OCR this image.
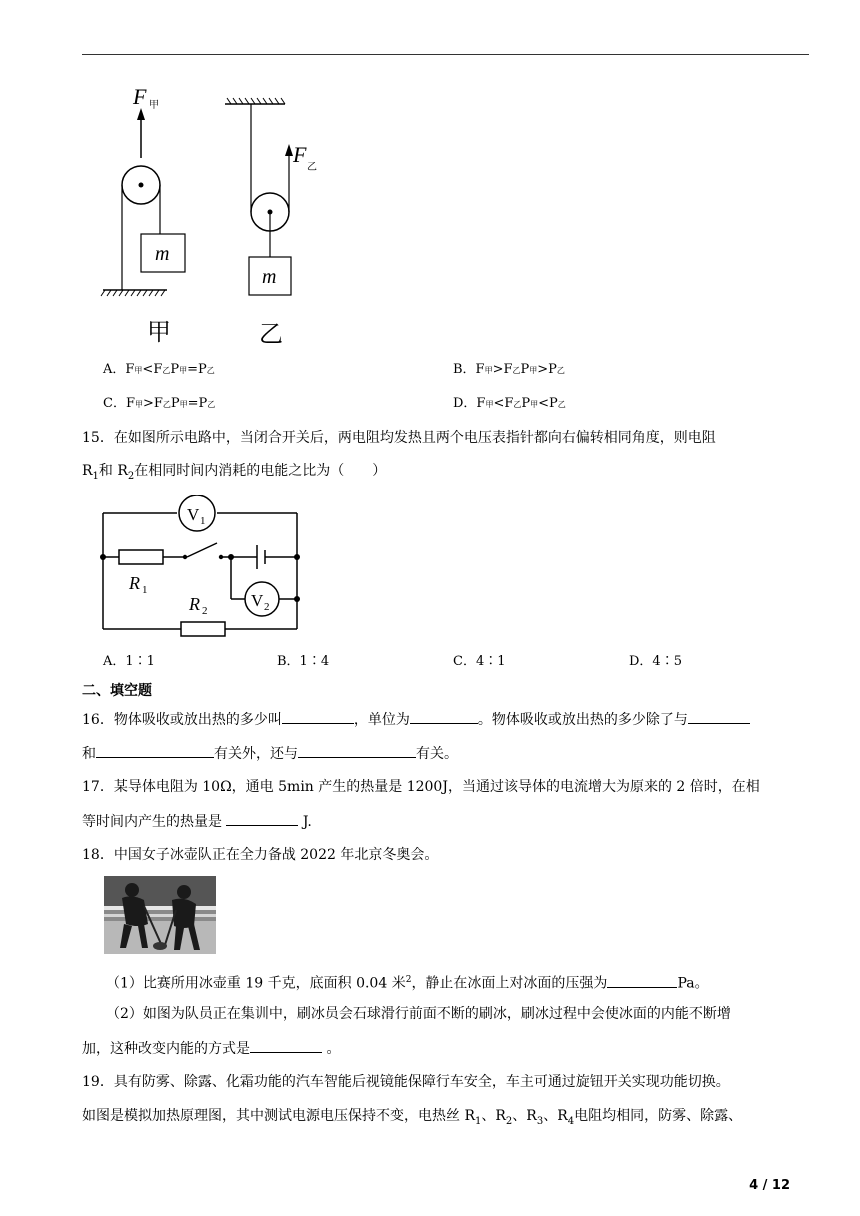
F 甲
m
甲
F
乙
m
乙
A．F甲<F乙P甲=P乙	B．F甲>F乙P甲>P乙
C．F甲>F乙P甲=P乙	D．F甲<F乙P甲<P乙
15．在如图所示电路中，当闭合开关后，两电阻均发热且两个电压表指针都向右偏转相同角度，则电阻
$R_1$和 $R_2$在相同时间内消耗的电能之比为（　　）
V 1
V 2
R 1
R 2
A．1∶1	B．1∶4	C．4∶1	D．4∶5
二、填空题
16．物体吸收或放出热的多少叫	，单位为	。物体吸收或放出热的多少除了与
和	有关外，还与	有关。
17．某导体电阻为 10Ω，通电 5min 产生的热量是 1200J，当通过该导体的电流增大为原来的 2 倍时，在相
等时间内产生的热量是	J.
18．中国女子冰壶队正在全力备战 2022 年北京冬奥会。
（1）比赛所用冰壶重 19 千克，底面积 0.04 米$^2$，静止在冰面上对冰面的压强为	Pa。
（2）如图为队员正在集训中，刷冰员会石球滑行前面不断的刷冰，刷冰过程中会使冰面的内能不断增
加，这种改变内能的方式是	。
19．具有防雾、除露、化霜功能的汽车智能后视镜能保障行车安全，车主可通过旋钮开关实现功能切换。
如图是模拟加热原理图，其中测试电源电压保持不变，电热丝 $R_1$、$R_2$、$R_3$、$R_4$电阻均相同，防雾、除露、
4 / 12
